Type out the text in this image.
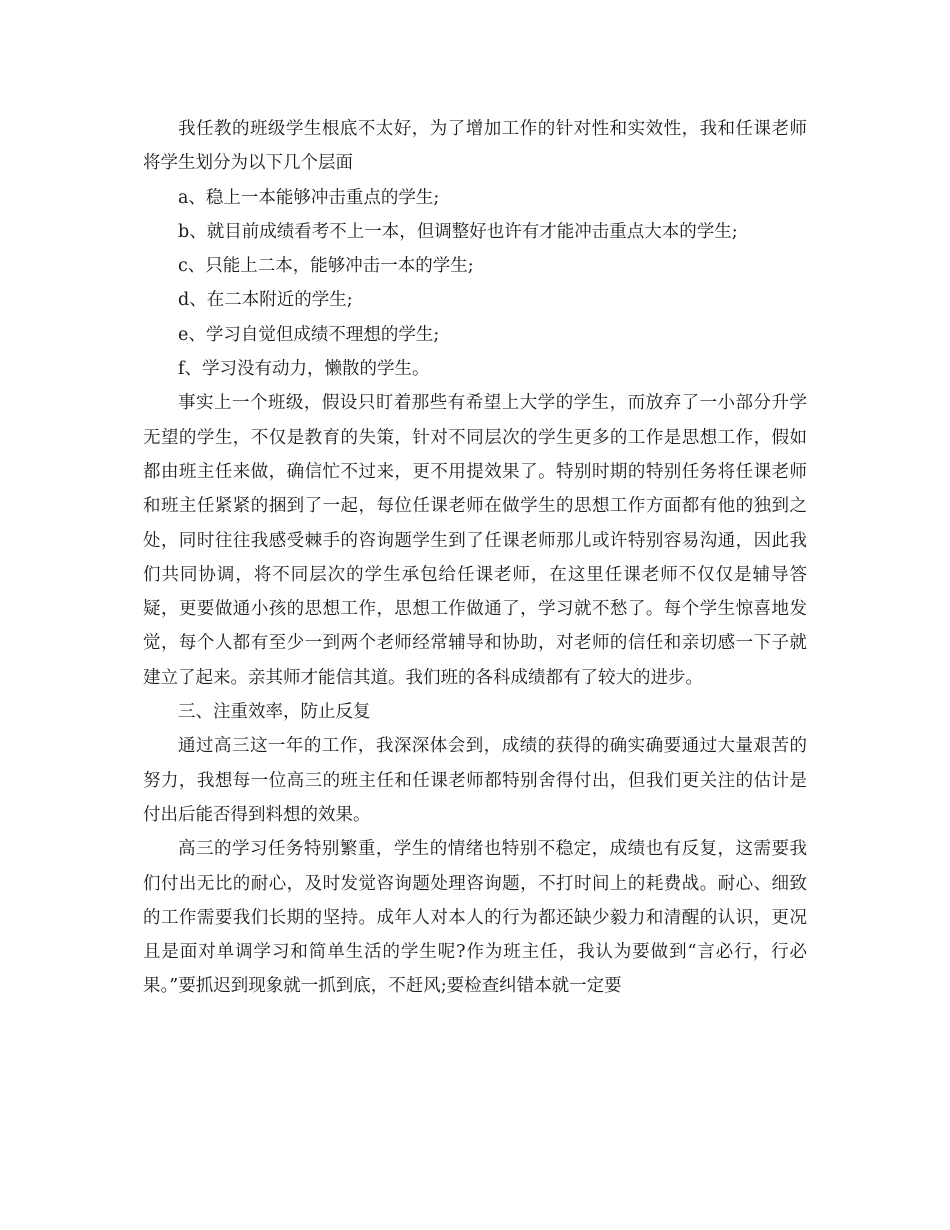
我任教的班级学生根底不太好，为了增加工作的针对性和实效性，我和任课老师将学生划分为以下几个层面

a、稳上一本能够冲击重点的学生;

b、就目前成绩看考不上一本，但调整好也许有才能冲击重点大本的学生;

c、只能上二本，能够冲击一本的学生;

d、在二本附近的学生;

e、学习自觉但成绩不理想的学生;

f、学习没有动力，懒散的学生。

事实上一个班级，假设只盯着那些有希望上大学的学生，而放弃了一小部分升学无望的学生，不仅是教育的失策，针对不同层次的学生更多的工作是思想工作，假如都由班主任来做，确信忙不过来，更不用提效果了。特别时期的特别任务将任课老师和班主任紧紧的捆到了一起，每位任课老师在做学生的思想工作方面都有他的独到之处，同时往往我感受棘手的咨询题学生到了任课老师那儿或许特别容易沟通，因此我们共同协调，将不同层次的学生承包给任课老师，在这里任课老师不仅仅是辅导答疑，更要做通小孩的思想工作，思想工作做通了，学习就不愁了。每个学生惊喜地发觉，每个人都有至少一到两个老师经常辅导和协助，对老师的信任和亲切感一下子就建立了起来。亲其师才能信其道。我们班的各科成绩都有了较大的进步。

三、注重效率，防止反复

通过高三这一年的工作，我深深体会到，成绩的获得的确实确要通过大量艰苦的努力，我想每一位高三的班主任和任课老师都特别舍得付出，但我们更关注的估计是付出后能否得到料想的效果。

高三的学习任务特别繁重，学生的情绪也特别不稳定，成绩也有反复，这需要我们付出无比的耐心，及时发觉咨询题处理咨询题，不打时间上的耗费战。耐心、细致的工作需要我们长期的坚持。成年人对本人的行为都还缺少毅力和清醒的认识，更况且是面对单调学习和简单生活的学生呢?作为班主任，我认为要做到“言必行，行必果。”要抓迟到现象就一抓到底，不赶风;要检查纠错本就一定要
